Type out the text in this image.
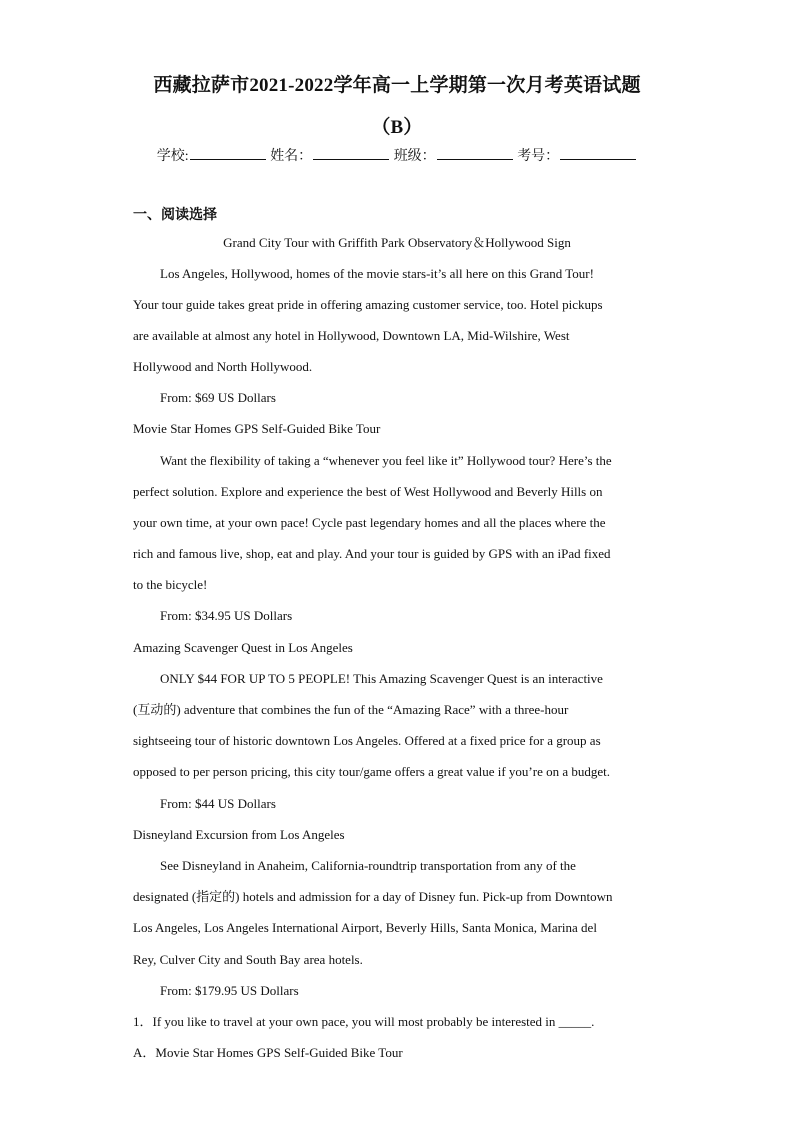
西藏拉萨市2021-2022学年高一上学期第一次月考英语试题
（B）
学校:	姓名：	班级：	考号：
一、阅读选择
Grand City Tour with Griffith Park Observatory＆Hollywood Sign
Los Angeles, Hollywood, homes of the movie stars-it’s all here on this Grand Tour!
Your tour guide takes great pride in offering amazing customer service, too. Hotel pickups
are available at almost any hotel in Hollywood, Downtown LA, Mid-Wilshire, West
Hollywood and North Hollywood.
From: $69 US Dollars
Movie Star Homes GPS Self-Guided Bike Tour
Want the flexibility of taking a “whenever you feel like it” Hollywood tour? Here’s the
perfect solution. Explore and experience the best of West Hollywood and Beverly Hills on
your own time, at your own pace! Cycle past legendary homes and all the places where the
rich and famous live, shop, eat and play. And your tour is guided by GPS with an iPad fixed
to the bicycle!
From: $34.95 US Dollars
Amazing Scavenger Quest in Los Angeles
ONLY $44 FOR UP TO 5 PEOPLE! This Amazing Scavenger Quest is an interactive
(互动的) adventure that combines the fun of the “Amazing Race” with a three-hour
sightseeing tour of historic downtown Los Angeles. Offered at a fixed price for a group as
opposed to per person pricing, this city tour/game offers a great value if you’re on a budget.
From: $44 US Dollars
Disneyland Excursion from Los Angeles
See Disneyland in Anaheim, California-roundtrip transportation from any of the
designated (指定的) hotels and admission for a day of Disney fun. Pick-up from Downtown
Los Angeles, Los Angeles International Airport, Beverly Hills, Santa Monica, Marina del
Rey, Culver City and South Bay area hotels.
From: $179.95 US Dollars
1．If you like to travel at your own pace, you will most probably be interested in _____.
A．Movie Star Homes GPS Self-Guided Bike Tour
